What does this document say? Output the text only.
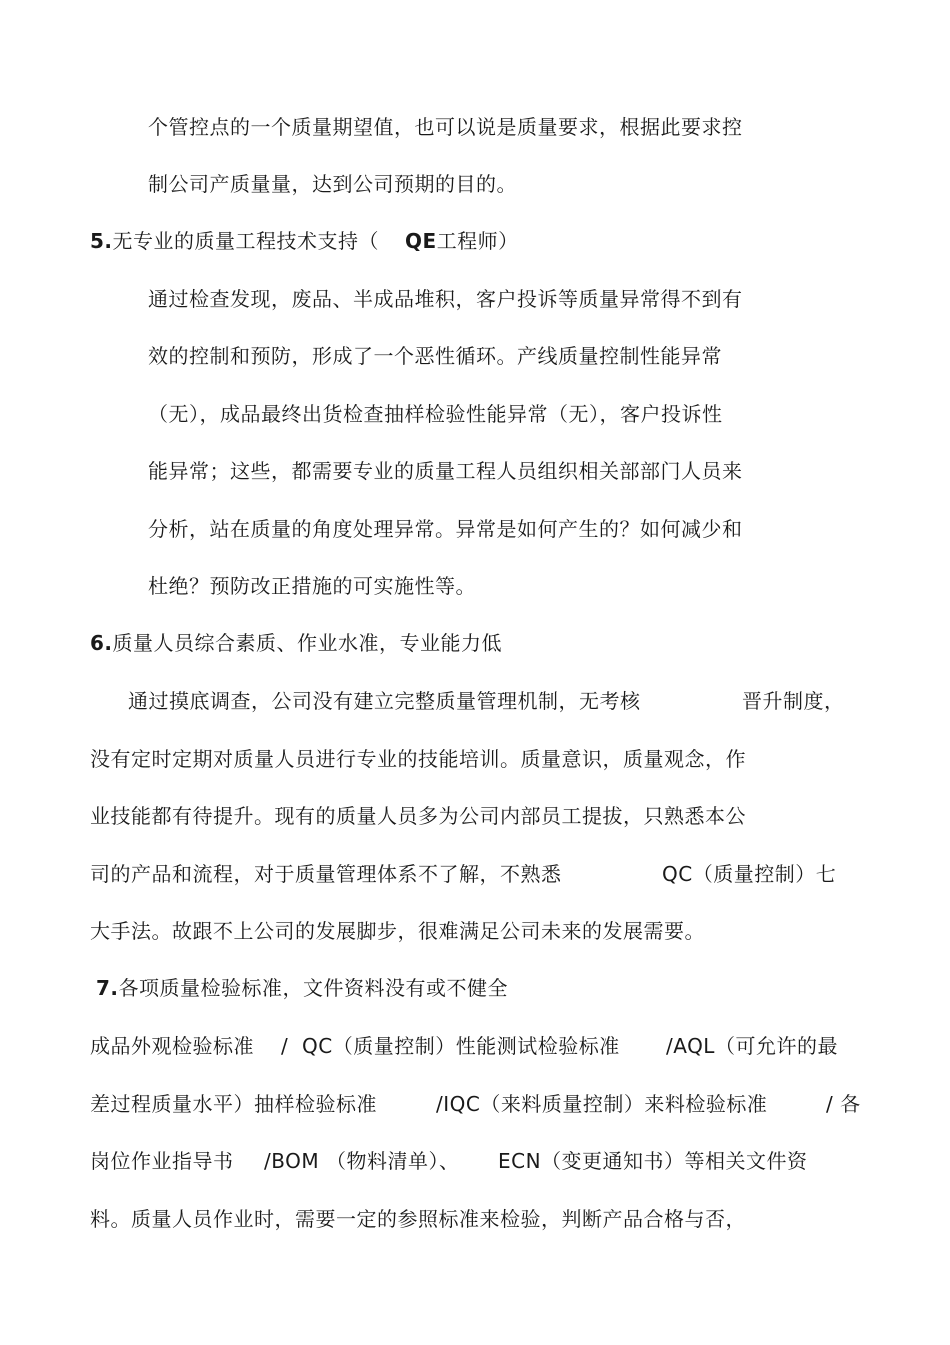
个管控点的一个质量期望值，也可以说是质量要求，根据此要求控
制公司产质量量，达到公司预期的目的。
5.无专业的质量工程技术支持（ QE工程师）
通过检查发现，废品、半成品堆积，客户投诉等质量异常得不到有
效的控制和预防，形成了一个恶性循环。产线质量控制性能异常
（无），成品最终出货检查抽样检验性能异常（无），客户投诉性
能异常；这些，都需要专业的质量工程人员组织相关部部门人员来
分析，站在质量的角度处理异常。异常是如何产生的？如何减少和
杜绝？预防改正措施的可实施性等。
6.质量人员综合素质、作业水准，专业能力低
通过摸底调查，公司没有建立完整质量管理机制，无考核	晋升制度，
没有定时定期对质量人员进行专业的技能培训。质量意识，质量观念，作
业技能都有待提升。现有的质量人员多为公司内部员工提拔，只熟悉本公
司的产品和流程，对于质量管理体系不了解，不熟悉	QC（质量控制）七
大手法。故跟不上公司的发展脚步，很难满足公司未来的发展需要。
7.各项质量检验标准，文件资料没有或不健全
成品外观检验标准 / QC（质量控制）性能测试检验标准 /AQL（可允许的最
差过程质量水平）抽样检验标准	/IQC（来料质量控制）来料检验标准	/ 各
岗位作业指导书 /BOM （物料清单）、 ECN（变更通知书）等相关文件资
料。质量人员作业时，需要一定的参照标准来检验，判断产品合格与否，
